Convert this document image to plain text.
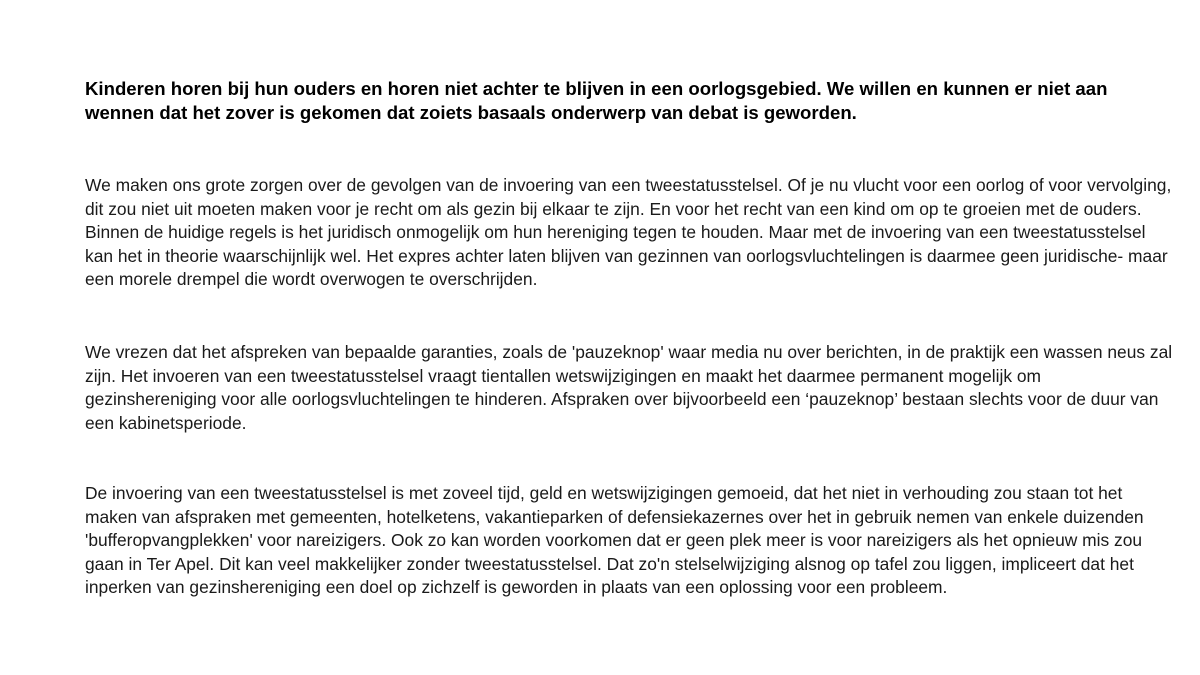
Kinderen horen bij hun ouders en horen niet achter te blijven in een oorlogsgebied. We willen en kunnen er niet aan
wennen dat het zover is gekomen dat zoiets basaals onderwerp van debat is geworden.

We maken ons grote zorgen over de gevolgen van de invoering van een tweestatusstelsel. Of je nu vlucht voor een oorlog of voor vervolging,
dit zou niet uit moeten maken voor je recht om als gezin bij elkaar te zijn. En voor het recht van een kind om op te groeien met de ouders.
Binnen de huidige regels is het juridisch onmogelijk om hun hereniging tegen te houden. Maar met de invoering van een tweestatusstelsel
kan het in theorie waarschijnlijk wel. Het expres achter laten blijven van gezinnen van oorlogsvluchtelingen is daarmee geen juridische- maar
een morele drempel die wordt overwogen te overschrijden.

We vrezen dat het afspreken van bepaalde garanties, zoals de 'pauzeknop' waar media nu over berichten, in de praktijk een wassen neus zal
zijn. Het invoeren van een tweestatusstelsel vraagt tientallen wetswijzigingen en maakt het daarmee permanent mogelijk om
gezinshereniging voor alle oorlogsvluchtelingen te hinderen. Afspraken over bijvoorbeeld een ‘pauzeknop’ bestaan slechts voor de duur van
een kabinetsperiode.

De invoering van een tweestatusstelsel is met zoveel tijd, geld en wetswijzigingen gemoeid, dat het niet in verhouding zou staan tot het
maken van afspraken met gemeenten, hotelketens, vakantieparken of defensiekazernes over het in gebruik nemen van enkele duizenden
'bufferopvangplekken' voor nareizigers. Ook zo kan worden voorkomen dat er geen plek meer is voor nareizigers als het opnieuw mis zou
gaan in Ter Apel. Dit kan veel makkelijker zonder tweestatusstelsel. Dat zo'n stelselwijziging alsnog op tafel zou liggen, impliceert dat het
inperken van gezinshereniging een doel op zichzelf is geworden in plaats van een oplossing voor een probleem.
